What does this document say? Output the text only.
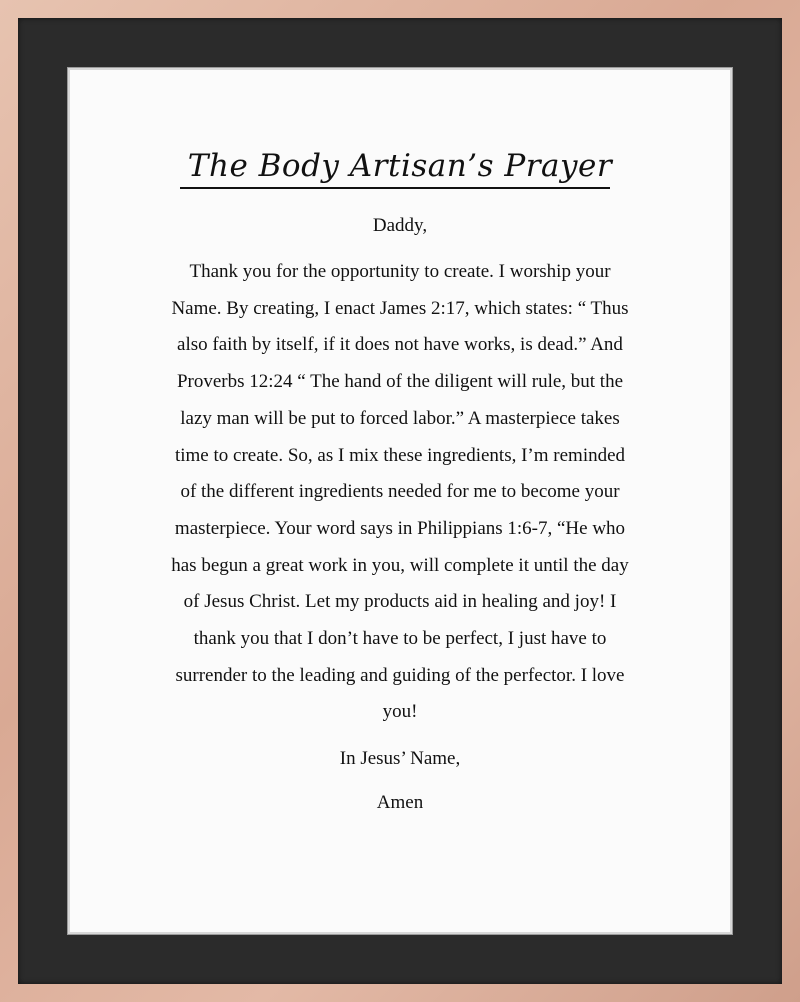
The Body Artisan’s Prayer
Daddy,
Thank you for the opportunity to create. I worship your
Name. By creating, I enact James 2:17, which states: “ Thus
also faith by itself, if it does not have works, is dead.” And
Proverbs 12:24 “ The hand of the diligent will rule, but the
lazy man will be put to forced labor.” A masterpiece takes
time to create. So, as I mix these ingredients, I’m reminded
of the different ingredients needed for me to become your
masterpiece. Your word says in Philippians 1:6-7, “He who
has begun a great work in you, will complete it until the day
of Jesus Christ. Let my products aid in healing and joy! I
thank you that I don’t have to be perfect, I just have to
surrender to the leading and guiding of the perfector. I love
you!
In Jesus’ Name,
Amen
